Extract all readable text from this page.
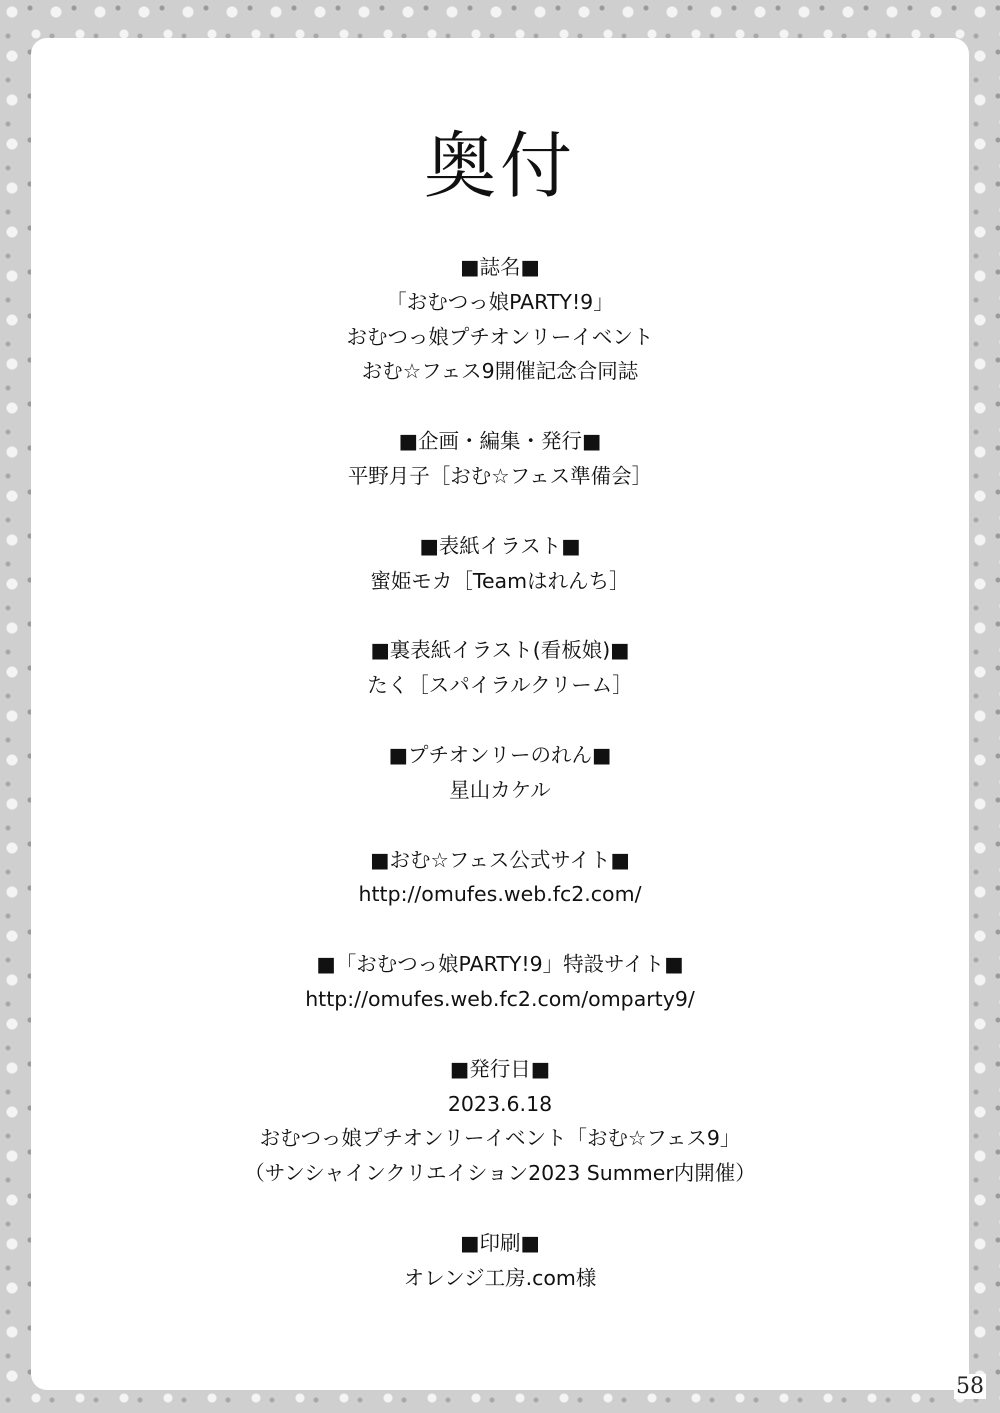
奥付
■誌名■
「おむつっ娘PARTY!9」
おむつっ娘プチオンリーイベント
おむ☆フェス9開催記念合同誌
■企画・編集・発行■
平野月子［おむ☆フェス準備会］
■表紙イラスト■
蜜姫モカ［Teamはれんち］
■裏表紙イラスト(看板娘)■
たく［スパイラルクリーム］
■プチオンリーのれん■
星山カケル
■おむ☆フェス公式サイト■
http://omufes.web.fc2.com/
■「おむつっ娘PARTY!9」特設サイト■
http://omufes.web.fc2.com/omparty9/
■発行日■
2023.6.18
おむつっ娘プチオンリーイベント「おむ☆フェス9」
（サンシャインクリエイション2023 Summer内開催）
■印刷■
オレンジ工房.com様
58
